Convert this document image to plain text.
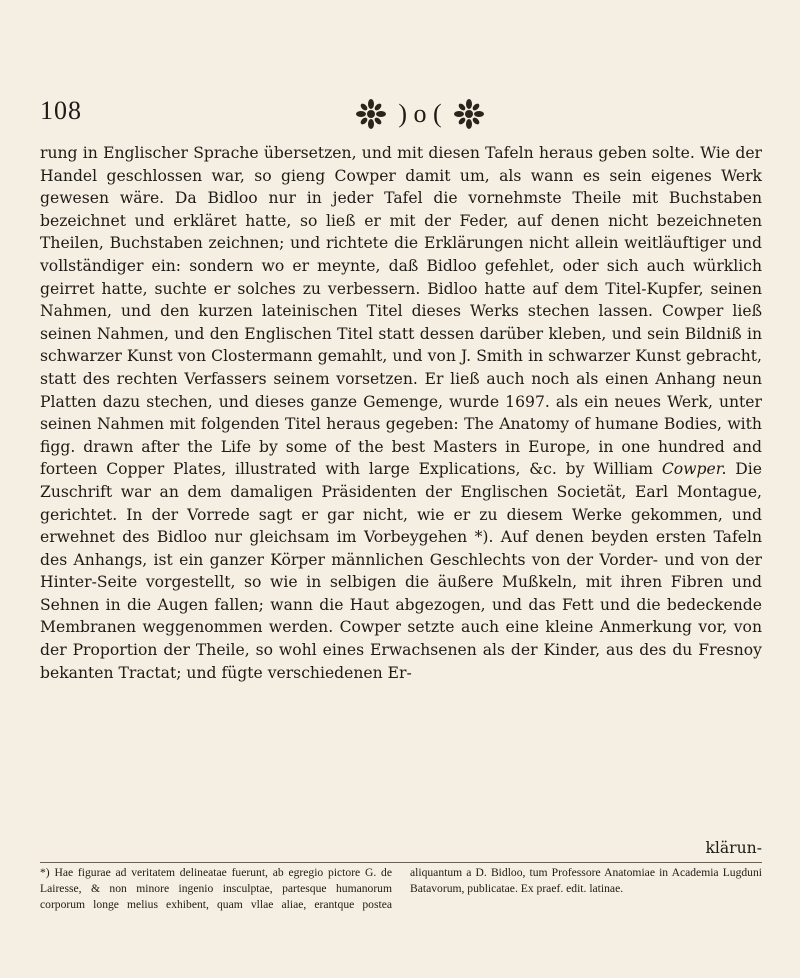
108	) o (

rung in Englischer Sprache übersetzen, und mit diesen Tafeln heraus geben solte. Wie der Handel geschlossen war, so gieng Cowper damit um, als wann es sein eigenes Werk gewesen wäre. Da Bidloo nur in jeder Tafel die vornehmste Theile mit Buchstaben bezeichnet und erkläret hatte, so ließ er mit der Feder, auf denen nicht bezeichneten Theilen, Buchstaben zeichnen; und richtete die Erklärungen nicht allein weitläuftiger und vollständiger ein: sondern wo er meynte, daß Bidloo gefehlet, oder sich auch würklich geirret hatte, suchte er solches zu verbessern. Bidloo hatte auf dem Titel-Kupfer, seinen Nahmen, und den kurzen lateinischen Titel dieses Werks stechen lassen. Cowper ließ seinen Nahmen, und den Englischen Titel statt dessen darüber kleben, und sein Bildniß in schwarzer Kunst von Clostermann gemahlt, und von J. Smith in schwarzer Kunst gebracht, statt des rechten Verfassers seinem vorsetzen. Er ließ auch noch als einen Anhang neun Platten dazu stechen, und dieses ganze Gemenge, wurde 1697. als ein neues Werk, unter seinen Nahmen mit folgenden Titel heraus gegeben: The Anatomy of humane Bodies, with figg. drawn after the Life by some of the best Masters in Europe, in one hundred and forteen Copper Plates, illustrated with large Explications, &c. by William Cowper. Die Zuschrift war an dem damaligen Präsidenten der Englischen Societät, Earl Montague, gerichtet. In der Vorrede sagt er gar nicht, wie er zu diesem Werke gekommen, und erwehnet des Bidloo nur gleichsam im Vorbeygehen *). Auf denen beyden ersten Tafeln des Anhangs, ist ein ganzer Körper männlichen Geschlechts von der Vorder- und von der Hinter-Seite vorgestellt, so wie in selbigen die äußere Mußkeln, mit ihren Fibren und Sehnen in die Augen fallen; wann die Haut abgezogen, und das Fett und die bedeckende Membranen weggenommen werden. Cowper setzte auch eine kleine Anmerkung vor, von der Proportion der Theile, so wohl eines Erwachsenen als der Kinder, aus des du Fresnoy bekanten Tractat; und fügte verschiedenen Er-

klärun-
*) Hae figurae ad veritatem delineatae fuerunt, ab egregio pictore G. de Lairesse, & non minore ingenio insculptae, partesque humanorum corporum longe melius exhibent, quam vllae aliae, erantque postea aliquantum a D. Bidloo, tum Professore Anatomiae in Academia Lugduni Batavorum, publicatae. Ex praef. edit. latinae.
